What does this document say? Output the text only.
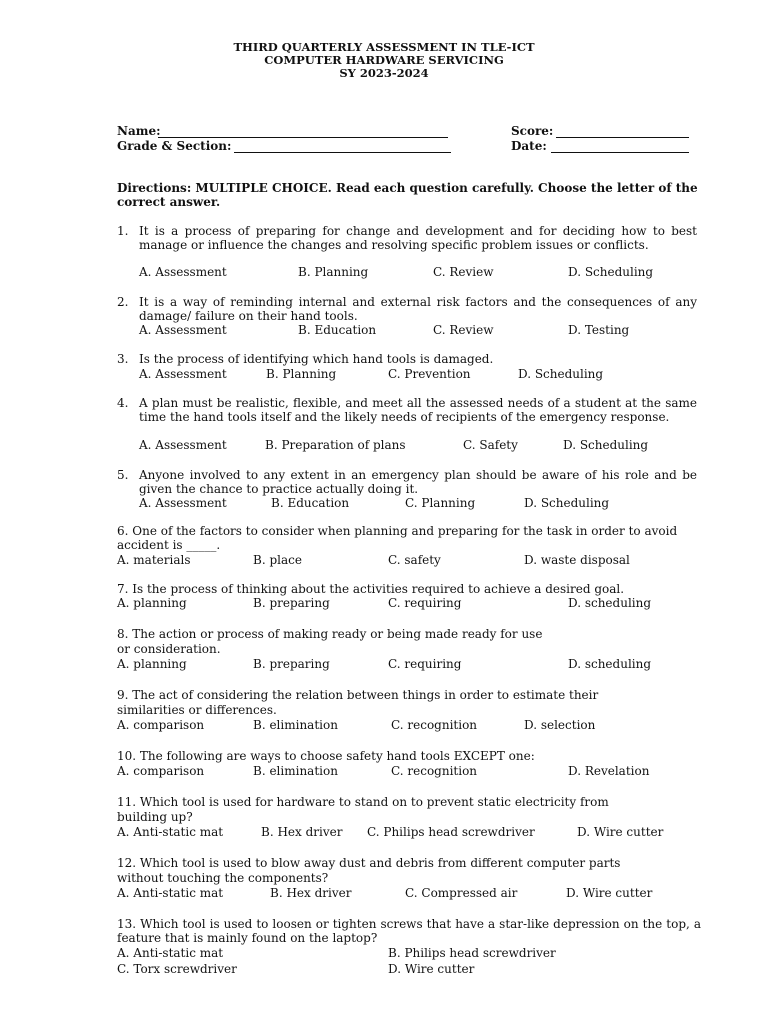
THIRD QUARTERLY ASSESSMENT IN TLE-ICT
COMPUTER HARDWARE SERVICING
SY 2023-2024
Name:
Grade & Section:
Score:
Date:
Directions: MULTIPLE CHOICE. Read each question carefully. Choose the letter of the correct answer.
1. It is a process of preparing for change and development and for deciding how to best manage or influence the changes and resolving specific problem issues or conflicts.
A. Assessment	B. Planning	C. Review	D. Scheduling
2. It is a way of reminding internal and external risk factors and the consequences of any damage/ failure on their hand tools.
A. Assessment	B. Education	C. Review	D. Testing
3. Is the process of identifying which hand tools is damaged.
A. Assessment	B. Planning	C. Prevention	D. Scheduling
4. A plan must be realistic, flexible, and meet all the assessed needs of a student at the same time the hand tools itself and the likely needs of recipients of the emergency response.
A. Assessment	B. Preparation of plans	C. Safety	D. Scheduling
5. Anyone involved to any extent in an emergency plan should be aware of his role and be given the chance to practice actually doing it.
A. Assessment	B. Education	C. Planning	D. Scheduling
6. One of the factors to consider when planning and preparing for the task in order to avoid accident is _____.
A. materials	B. place	C. safety	D. waste disposal
7. Is the process of thinking about the activities required to achieve a desired goal.
A. planning	B. preparing	C. requiring	D. scheduling
8. The action or process of making ready or being made ready for use
or consideration.
A. planning	B. preparing	C. requiring	D. scheduling
9. The act of considering the relation between things in order to estimate their
similarities or differences.
A. comparison	B. elimination	C. recognition	D. selection
10. The following are ways to choose safety hand tools EXCEPT one:
A. comparison	B. elimination	C. recognition	D. Revelation
11. Which tool is used for hardware to stand on to prevent static electricity from
building up?
A. Anti-static mat	B. Hex driver C. Philips head screwdriver	D. Wire cutter
12. Which tool is used to blow away dust and debris from different computer parts
without touching the components?
A. Anti-static mat	B. Hex driver	C. Compressed air	D. Wire cutter
13. Which tool is used to loosen or tighten screws that have a star-like depression on the top, a feature that is mainly found on the laptop?
A. Anti-static mat	B. Philips head screwdriver
C. Torx screwdriver	D. Wire cutter
